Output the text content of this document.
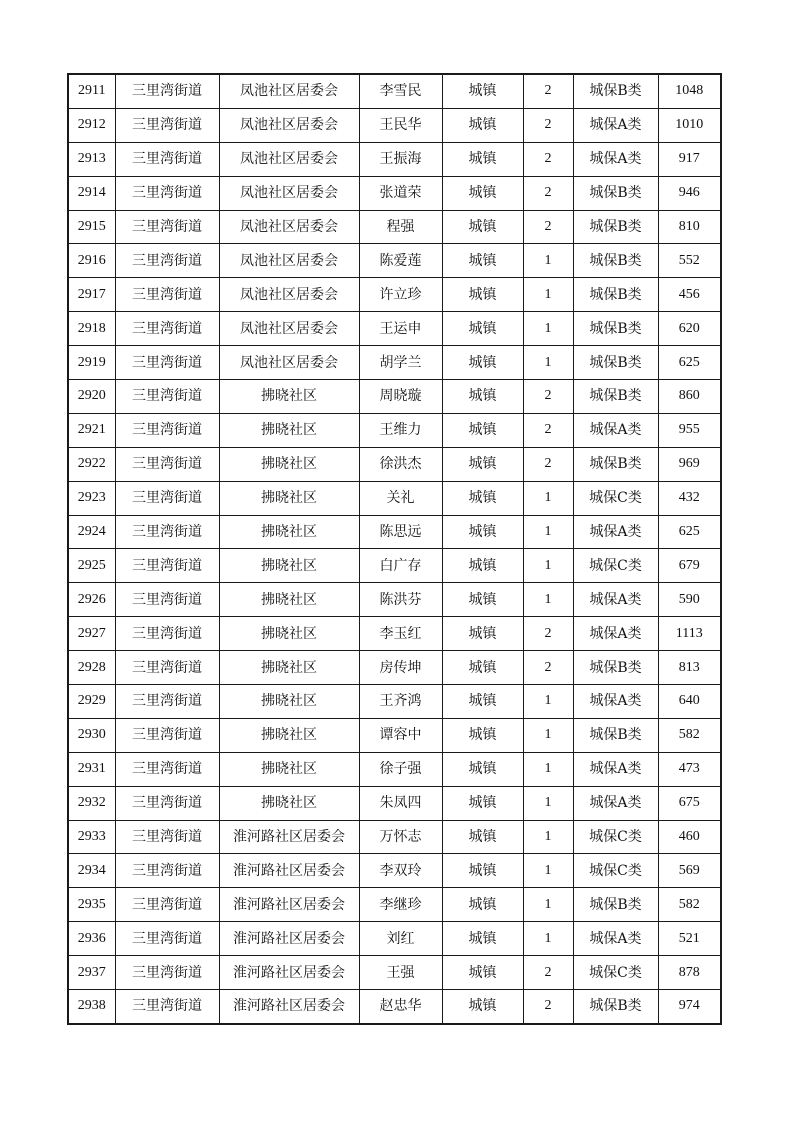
2911	三里湾街道	凤池社区居委会	李雪民	城镇	2	城保B类	1048
2912	三里湾街道	凤池社区居委会	王民华	城镇	2	城保A类	1010
2913	三里湾街道	凤池社区居委会	王振海	城镇	2	城保A类	917
2914	三里湾街道	凤池社区居委会	张道荣	城镇	2	城保B类	946
2915	三里湾街道	凤池社区居委会	程强	城镇	2	城保B类	810
2916	三里湾街道	凤池社区居委会	陈爱莲	城镇	1	城保B类	552
2917	三里湾街道	凤池社区居委会	许立珍	城镇	1	城保B类	456
2918	三里湾街道	凤池社区居委会	王运申	城镇	1	城保B类	620
2919	三里湾街道	凤池社区居委会	胡学兰	城镇	1	城保B类	625
2920	三里湾街道	拂晓社区	周晓璇	城镇	2	城保B类	860
2921	三里湾街道	拂晓社区	王维力	城镇	2	城保A类	955
2922	三里湾街道	拂晓社区	徐洪杰	城镇	2	城保B类	969
2923	三里湾街道	拂晓社区	关礼	城镇	1	城保C类	432
2924	三里湾街道	拂晓社区	陈思远	城镇	1	城保A类	625
2925	三里湾街道	拂晓社区	白广存	城镇	1	城保C类	679
2926	三里湾街道	拂晓社区	陈洪芬	城镇	1	城保A类	590
2927	三里湾街道	拂晓社区	李玉红	城镇	2	城保A类	1113
2928	三里湾街道	拂晓社区	房传坤	城镇	2	城保B类	813
2929	三里湾街道	拂晓社区	王齐鸿	城镇	1	城保A类	640
2930	三里湾街道	拂晓社区	谭容中	城镇	1	城保B类	582
2931	三里湾街道	拂晓社区	徐子强	城镇	1	城保A类	473
2932	三里湾街道	拂晓社区	朱凤四	城镇	1	城保A类	675
2933	三里湾街道	淮河路社区居委会	万怀志	城镇	1	城保C类	460
2934	三里湾街道	淮河路社区居委会	李双玲	城镇	1	城保C类	569
2935	三里湾街道	淮河路社区居委会	李继珍	城镇	1	城保B类	582
2936	三里湾街道	淮河路社区居委会	刘红	城镇	1	城保A类	521
2937	三里湾街道	淮河路社区居委会	王强	城镇	2	城保C类	878
2938	三里湾街道	淮河路社区居委会	赵忠华	城镇	2	城保B类	974
